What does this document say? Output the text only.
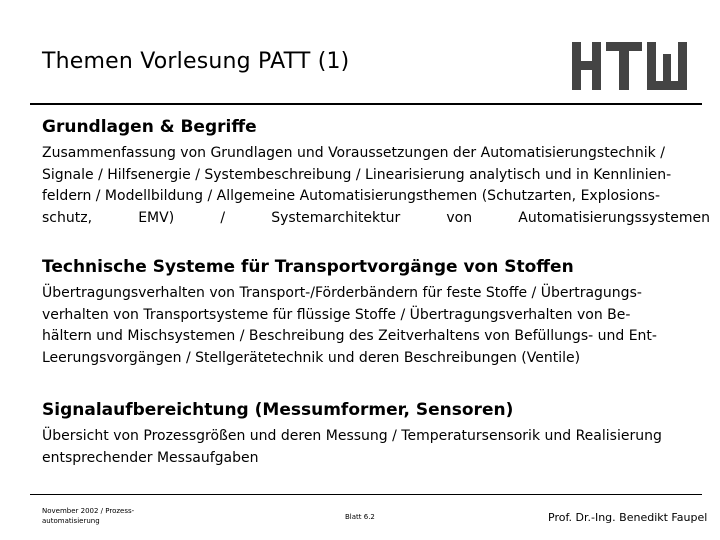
Themen Vorlesung PATT (1)
Grundlagen & Begriffe
Zusammenfassung von Grundlagen und Voraussetzungen der Automatisierungstechnik /
Signale / Hilfsenergie / Systembeschreibung / Linearisierung analytisch und in Kennlinien-
feldern / Modellbildung / Allgemeine Automatisierungsthemen (Schutzarten, Explosions-
schutz,	EMV)	/	Systemarchitektur	von	Automatisierungssystemen
Technische Systeme für Transportvorgänge von Stoffen
Übertragungsverhalten von Transport-/Förderbändern für feste Stoffe / Übertragungs-
verhalten von Transportsysteme für flüssige Stoffe / Übertragungsverhalten von Be-
hältern und Mischsystemen / Beschreibung des Zeitverhaltens von Befüllungs- und Ent-
Leerungsvorgängen / Stellgerätetechnik und deren Beschreibungen (Ventile)
Signalaufbereichtung (Messumformer, Sensoren)
Übersicht von Prozessgrößen und deren Messung / Temperatursensorik und Realisierung
entsprechender Messaufgaben
November 2002 / Prozess-
automatisierung	Blatt 6.2	Prof. Dr.-Ing. Benedikt Faupel
